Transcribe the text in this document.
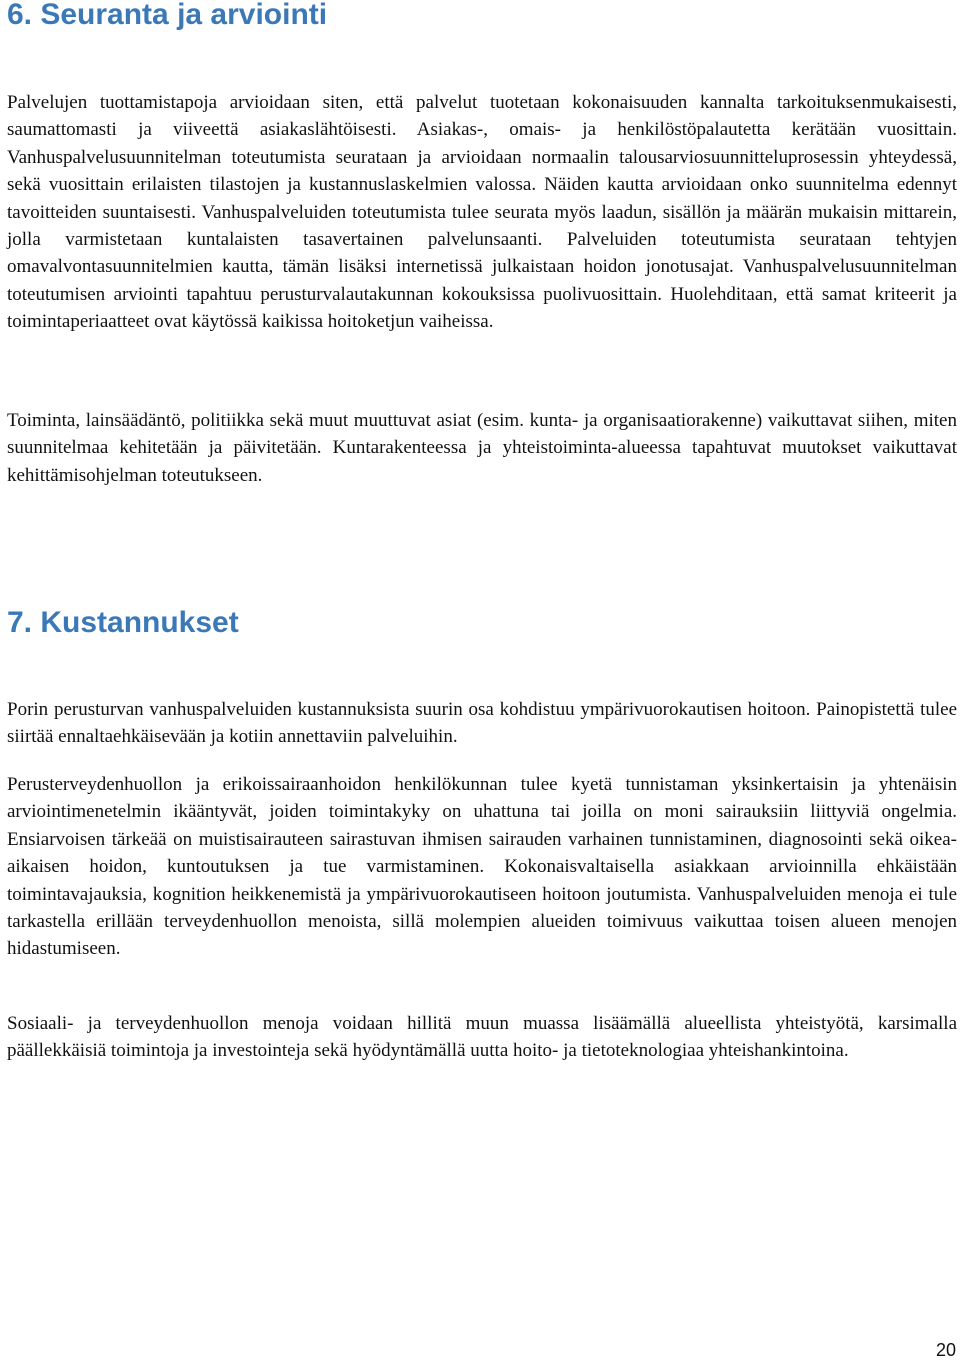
6. Seuranta ja arviointi

Palvelujen tuottamistapoja arvioidaan siten, että palvelut tuotetaan kokonaisuuden kannalta tarkoituksenmukaisesti, saumattomasti ja viiveettä asiakaslähtöisesti. Asiakas-, omais- ja henkilöstöpalautetta kerätään vuosittain. Vanhuspalvelusuunnitelman toteutumista seurataan ja arvioidaan normaalin talousarviosuunnitteluprosessin yhteydessä, sekä vuosittain erilaisten tilastojen ja kustannuslaskelmien valossa. Näiden kautta arvioidaan onko suunnitelma edennyt tavoitteiden suuntaisesti. Vanhuspalveluiden toteutumista tulee seurata myös laadun, sisällön ja määrän mukaisin mittarein, jolla varmistetaan kuntalaisten tasavertainen palvelunsaanti. Palveluiden toteutumista seurataan tehtyjen omavalvontasuunnitelmien kautta, tämän lisäksi internetissä julkaistaan hoidon jonotusajat. Vanhuspalvelusuunnitelman toteutumisen arviointi tapahtuu perusturvalautakunnan kokouksissa puolivuosittain. Huolehditaan, että samat kriteerit ja toimintaperiaatteet ovat käytössä kaikissa hoitoketjun vaiheissa.

Toiminta, lainsäädäntö, politiikka sekä muut muuttuvat asiat (esim. kunta- ja organisaatiorakenne) vaikuttavat siihen, miten suunnitelmaa kehitetään ja päivitetään. Kuntarakenteessa ja yhteistoiminta-alueessa tapahtuvat muutokset vaikuttavat kehittämisohjelman toteutukseen.

7. Kustannukset

Porin perusturvan vanhuspalveluiden kustannuksista suurin osa kohdistuu ympärivuorokautisen hoitoon. Painopistettä tulee siirtää ennaltaehkäisevään ja kotiin annettaviin palveluihin.

Perusterveydenhuollon ja erikoissairaanhoidon henkilökunnan tulee kyetä tunnistaman yksinkertaisin ja yhtenäisin arviointimenetelmin ikääntyvät, joiden toimintakyky on uhattuna tai joilla on moni sairauksiin liittyviä ongelmia. Ensiarvoisen tärkeää on muistisairauteen sairastuvan ihmisen sairauden varhainen tunnistaminen, diagnosointi sekä oikea-aikaisen hoidon, kuntoutuksen ja tue varmistaminen. Kokonaisvaltaisella asiakkaan arvioinnilla ehkäistään toimintavajauksia, kognition heikkenemistä ja ympärivuorokautiseen hoitoon joutumista. Vanhuspalveluiden menoja ei tule tarkastella erillään terveydenhuollon menoista, sillä molempien alueiden toimivuus vaikuttaa toisen alueen menojen hidastumiseen.

Sosiaali- ja terveydenhuollon menoja voidaan hillitä muun muassa lisäämällä alueellista yhteistyötä, karsimalla päällekkäisiä toimintoja ja investointeja sekä hyödyntämällä uutta hoito- ja tietoteknologiaa yhteishankintoina.

20
